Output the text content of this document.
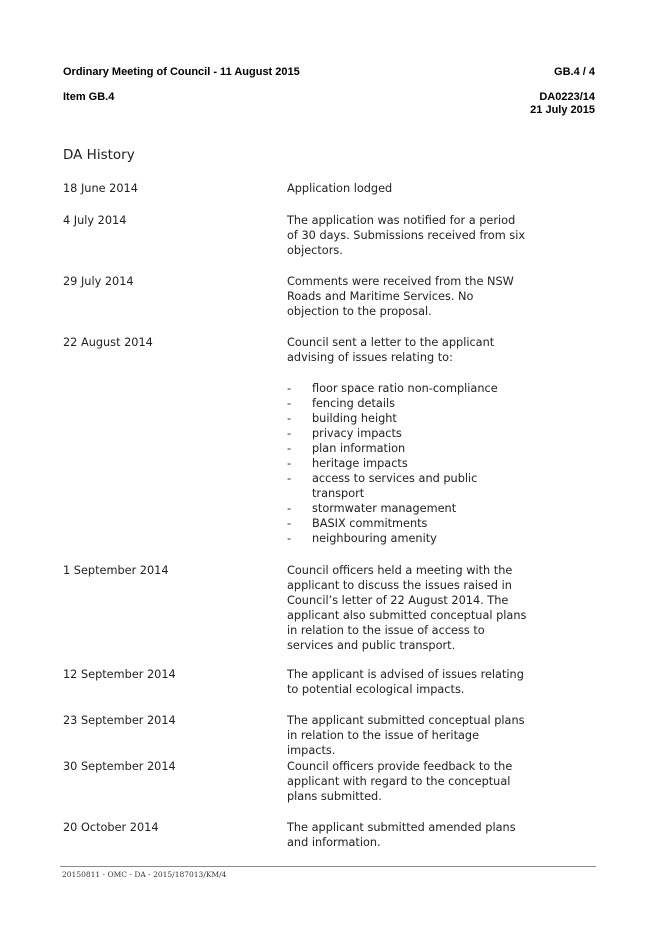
Ordinary Meeting of Council - 11 August 2015	GB.4 / 4
Item GB.4	DA0223/14
21 July 2015
DA History
18 June 2014	Application lodged

4 July 2014	The application was notified for a period of 30 days. Submissions received from six objectors.

29 July 2014	Comments were received from the NSW Roads and Maritime Services. No objection to the proposal.

22 August 2014	Council sent a letter to the applicant advising of issues relating to:

- floor space ratio non-compliance
- fencing details
- building height
- privacy impacts
- plan information
- heritage impacts
- access to services and public transport
- stormwater management
- BASIX commitments
- neighbouring amenity
1 September 2014	Council officers held a meeting with the applicant to discuss the issues raised in Council’s letter of 22 August 2014. The applicant also submitted conceptual plans in relation to the issue of access to services and public transport.

12 September 2014	The applicant is advised of issues relating to potential ecological impacts.

23 September 2014	The applicant submitted conceptual plans in relation to the issue of heritage impacts.

30 September 2014	Council officers provide feedback to the applicant with regard to the conceptual plans submitted.

20 October 2014	The applicant submitted amended plans and information.

20150811 - OMC - DA - 2015/187013/KM/4
